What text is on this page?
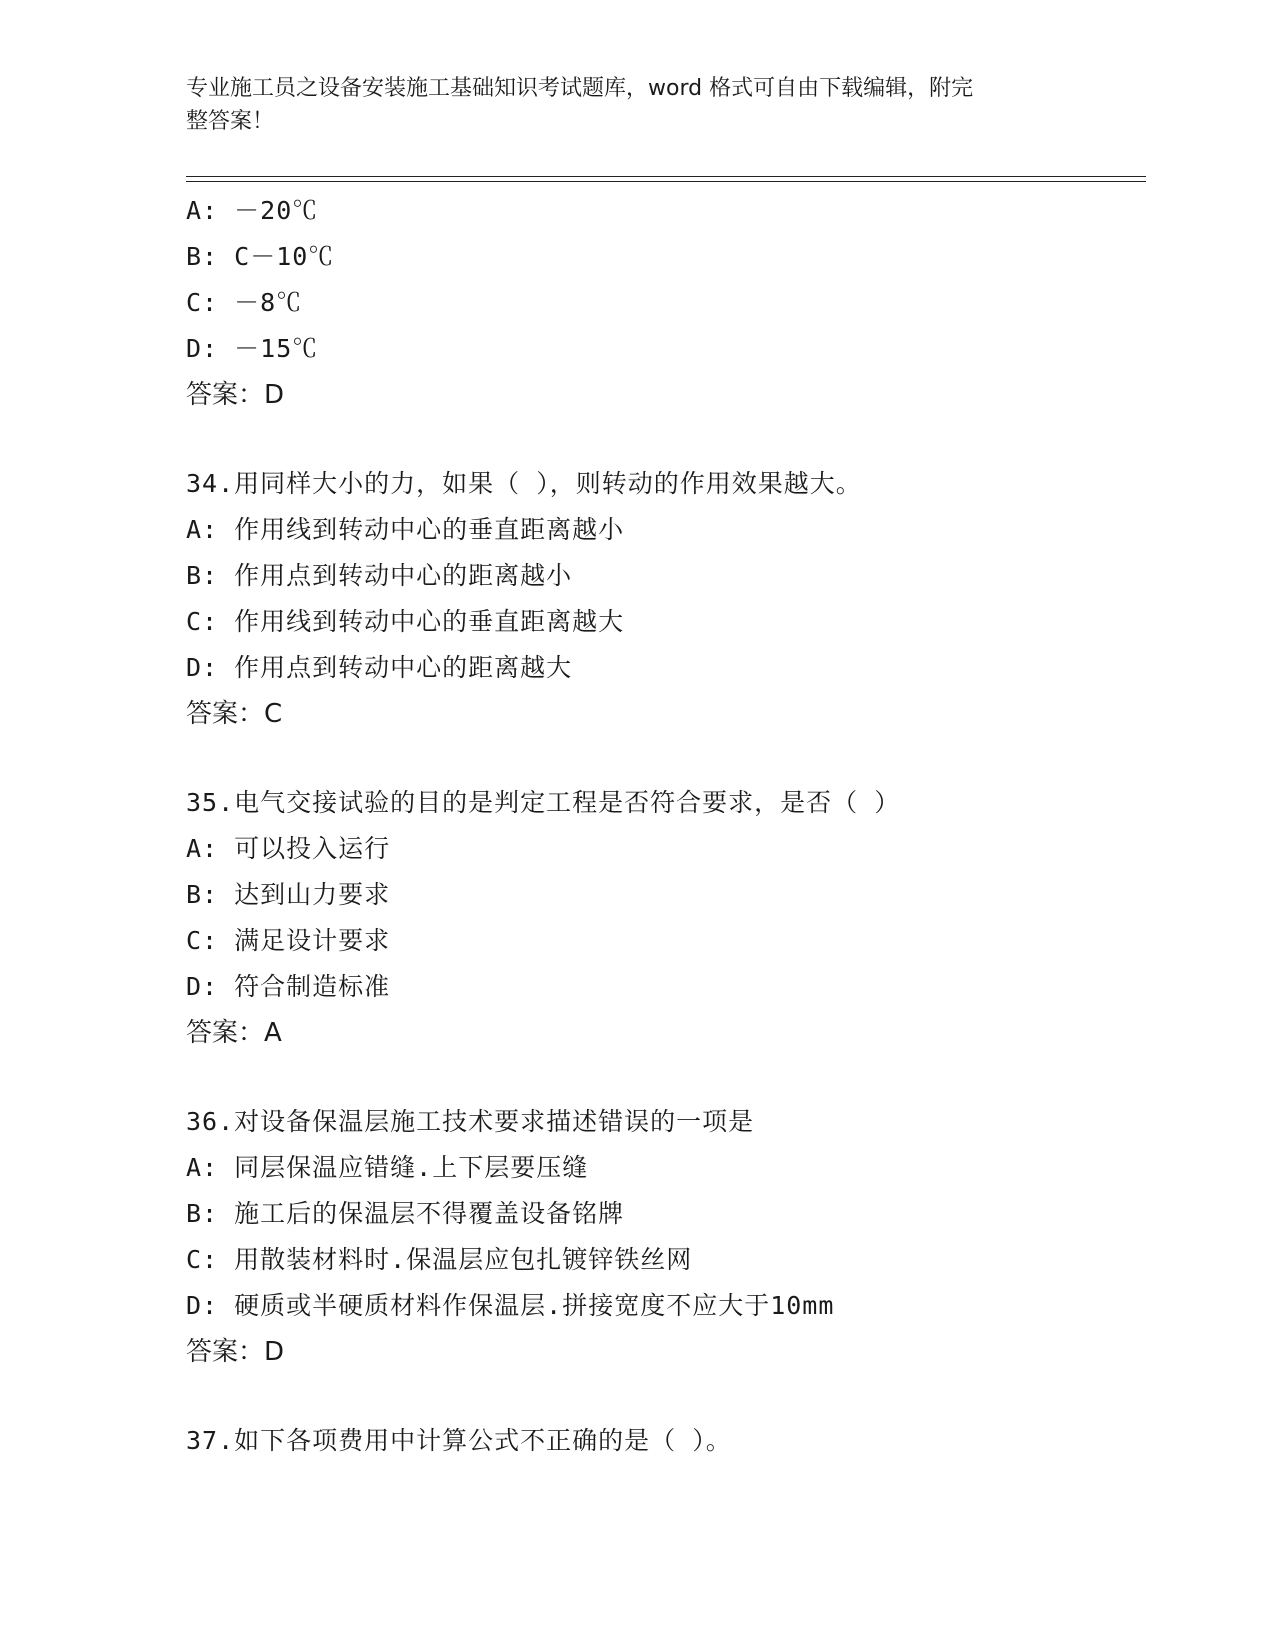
专业施工员之设备安装施工基础知识考试题库，word 格式可自由下载编辑，附完
整答案！
A: －20℃
B: C－10℃
C: －8℃
D: －15℃
答案：D
34.用同样大小的力，如果（ ），则转动的作用效果越大。
A: 作用线到转动中心的垂直距离越小
B: 作用点到转动中心的距离越小
C: 作用线到转动中心的垂直距离越大
D: 作用点到转动中心的距离越大
答案：C
35.电气交接试验的目的是判定工程是否符合要求，是否（ ）
A: 可以投入运行
B: 达到山力要求
C: 满足设计要求
D: 符合制造标准
答案：A
36.对设备保温层施工技术要求描述错误的一项是
A: 同层保温应错缝.上下层要压缝
B: 施工后的保温层不得覆盖设备铭牌
C: 用散装材料时.保温层应包扎镀锌铁丝网
D: 硬质或半硬质材料作保温层.拼接宽度不应大于10mm
答案：D
37.如下各项费用中计算公式不正确的是（ ）。
